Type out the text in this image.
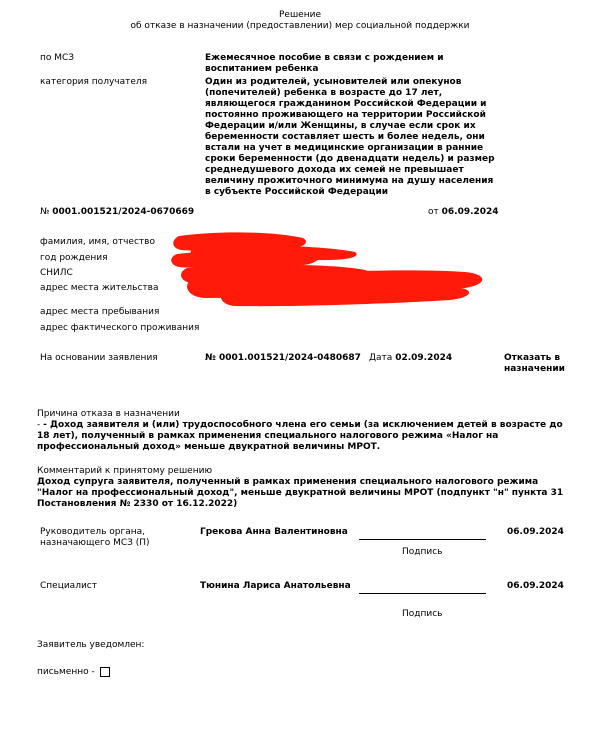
Решение
об отказе в назначении (предоставлении) мер социальной поддержки
по МСЗ	Ежемесячное пособие в связи с рождением и воспитанием ребенка
категория получателя	Один из родителей, усыновителей или опекунов (попечителей) ребенка в возрасте до 17 лет, являющегося гражданином Российской Федерации и постоянно проживающего на территории Российской Федерации и/или Женщины, в случае если срок их беременности составляет шесть и более недель, они встали на учет в медицинские организации в ранние сроки беременности (до двенадцати недель) и размер среднедушевого дохода их семей не превышает величину прожиточного минимума на душу населения в субъекте Российской Федерации
№ 0001.001521/2024-0670669	от 06.09.2024
фамилия, имя, отчество
год рождения
СНИЛС
адрес места жительства
адрес места пребывания
адрес фактического проживания
На основании заявления	№ 0001.001521/2024-0480687 Дата 02.09.2024	Отказать в назначении
Причина отказа в назначении
- - Доход заявителя и (или) трудоспособного члена его семьи (за исключением детей в возрасте до 18 лет), полученный в рамках применения специального налогового режима «Налог на профессиональный доход» меньше двукратной величины МРОТ.
Комментарий к принятому решению
Доход супруга заявителя, полученный в рамках применения специального налогового режима "Налог на профессиональный доход", меньше двукратной величины МРОТ (подпункт "н" пункта 31 Постановления № 2330 от 16.12.2022)
Руководитель органа, назначающего МСЗ (П)
Грекова Анна Валентиновна	06.09.2024
Подпись
Специалист	Тюнина Лариса Анатольевна	06.09.2024
Подпись
Заявитель уведомлен:
письменно -
